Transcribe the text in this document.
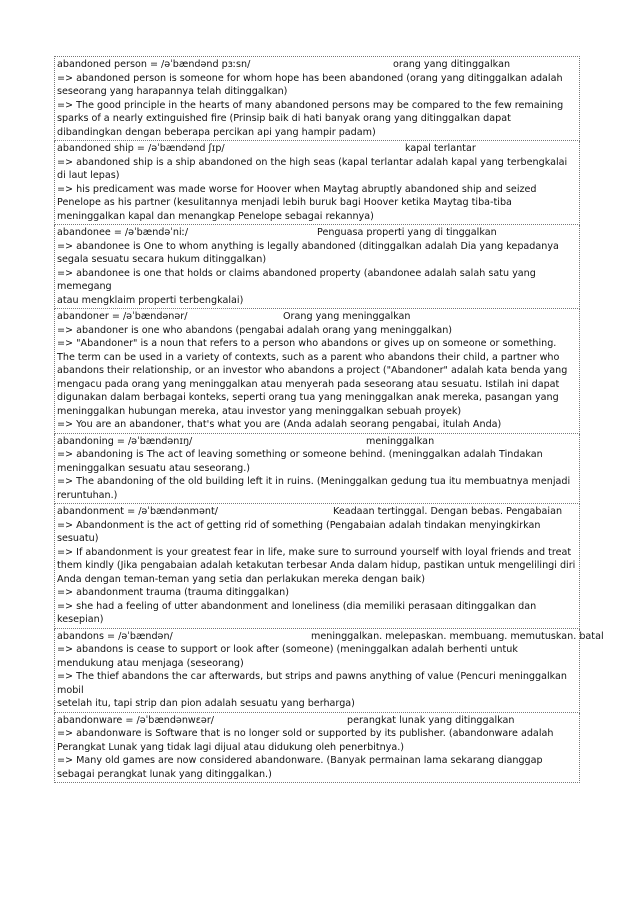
abandoned person = /əˈbændənd pɜːsn/	orang yang ditinggalkan

=> abandoned person is someone for whom hope has been abandoned (orang yang ditinggalkan adalah seseorang yang harapannya telah ditinggalkan)

=> The good principle in the hearts of many abandoned persons may be compared to the few remaining sparks of a nearly extinguished fire (Prinsip baik di hati banyak orang yang ditinggalkan dapat dibandingkan dengan beberapa percikan api yang hampir padam)

abandoned ship = /əˈbændənd ʃɪp/	kapal terlantar

=> abandoned ship is a ship abandoned on the high seas (kapal terlantar adalah kapal yang terbengkalai di laut lepas)

=> his predicament was made worse for Hoover when Maytag abruptly abandoned ship and seized Penelope as his partner (kesulitannya menjadi lebih buruk bagi Hoover ketika Maytag tiba-tiba meninggalkan kapal dan menangkap Penelope sebagai rekannya)

abandonee = /əˈbændəˈniː/	Penguasa properti yang di tinggalkan

=> abandonee is One to whom anything is legally abandoned (ditinggalkan adalah Dia yang kepadanya segala sesuatu secara hukum ditinggalkan)

=> abandonee is one that holds or claims abandoned property (abandonee adalah salah satu yang memegang

atau mengklaim properti terbengkalai)

abandoner = /əˈbændənər/	Orang yang meninggalkan

=> abandoner is one who abandons (pengabai adalah orang yang meninggalkan)

=> "Abandoner" is a noun that refers to a person who abandons or gives up on someone or something. The term can be used in a variety of contexts, such as a parent who abandons their child, a partner who abandons their relationship, or an investor who abandons a project ("Abandoner" adalah kata benda yang mengacu pada orang yang meninggalkan atau menyerah pada seseorang atau sesuatu. Istilah ini dapat digunakan dalam berbagai konteks, seperti orang tua yang meninggalkan anak mereka, pasangan yang meninggalkan hubungan mereka, atau investor yang meninggalkan sebuah proyek)

=> You are an abandoner, that's what you are (Anda adalah seorang pengabai, itulah Anda)

abandoning = /əˈbændənɪŋ/	meninggalkan

=> abandoning is The act of leaving something or someone behind. (meninggalkan adalah Tindakan meninggalkan sesuatu atau seseorang.)

=> The abandoning of the old building left it in ruins. (Meninggalkan gedung tua itu membuatnya menjadi reruntuhan.)

abandonment = /əˈbændənmənt/	Keadaan tertinggal. Dengan bebas. Pengabaian

=> Abandonment is the act of getting rid of something (Pengabaian adalah tindakan menyingkirkan sesuatu)

=> If abandonment is your greatest fear in life, make sure to surround yourself with loyal friends and treat them kindly (Jika pengabaian adalah ketakutan terbesar Anda dalam hidup, pastikan untuk mengelilingi diri Anda dengan teman-teman yang setia dan perlakukan mereka dengan baik)

=> abandonment trauma (trauma ditinggalkan)

=> she had a feeling of utter abandonment and loneliness (dia memiliki perasaan ditinggalkan dan kesepian)

abandons = /əˈbændən/	meninggalkan. melepaskan. membuang. memutuskan. batal

=> abandons is cease to support or look after (someone) (meninggalkan adalah berhenti untuk mendukung atau menjaga (seseorang)

=> The thief abandons the car afterwards, but strips and pawns anything of value (Pencuri meninggalkan mobil

setelah itu, tapi strip dan pion adalah sesuatu yang berharga)

abandonware = /əˈbændənwɛər/	perangkat lunak yang ditinggalkan

=> abandonware is Software that is no longer sold or supported by its publisher. (abandonware adalah Perangkat Lunak yang tidak lagi dijual atau didukung oleh penerbitnya.)

=> Many old games are now considered abandonware. (Banyak permainan lama sekarang dianggap sebagai perangkat lunak yang ditinggalkan.)
